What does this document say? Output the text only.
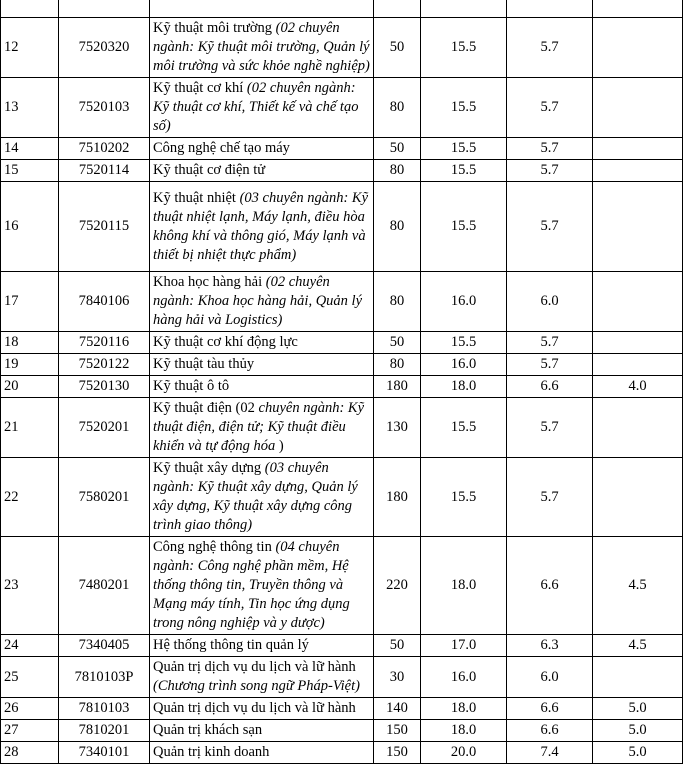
12	7520320	Kỹ thuật môi trường (02 chuyên ngành: Kỹ thuật môi trường, Quản lý môi trường và sức khỏe nghề nghiệp)	50	15.5	5.7	
13	7520103	Kỹ thuật cơ khí (02 chuyên ngành: Kỹ thuật cơ khí, Thiết kế và chế tạo số)	80	15.5	5.7	
14	7510202	Công nghệ chế tạo máy	50	15.5	5.7	
15	7520114	Kỹ thuật cơ điện tử	80	15.5	5.7	
16	7520115	Kỹ thuật nhiệt (03 chuyên ngành: Kỹ thuật nhiệt lạnh, Máy lạnh, điều hòa không khí và thông gió, Máy lạnh và thiết bị nhiệt thực phẩm)	80	15.5	5.7	
17	7840106	Khoa học hàng hải (02 chuyên ngành: Khoa học hàng hải, Quản lý hàng hải và Logistics)	80	16.0	6.0	
18	7520116	Kỹ thuật cơ khí động lực	50	15.5	5.7	
19	7520122	Kỹ thuật tàu thủy	80	16.0	5.7	
20	7520130	Kỹ thuật ô tô	180	18.0	6.6	4.0
21	7520201	Kỹ thuật điện (02 chuyên ngành: Kỹ thuật điện, điện tử; Kỹ thuật điều khiển và tự động hóa )	130	15.5	5.7	
22	7580201	Kỹ thuật xây dựng (03 chuyên ngành: Kỹ thuật xây dựng, Quản lý xây dựng, Kỹ thuật xây dựng công trình giao thông)	180	15.5	5.7	
23	7480201	Công nghệ thông tin (04 chuyên ngành: Công nghệ phần mềm, Hệ thống thông tin, Truyền thông và Mạng máy tính, Tin học ứng dụng trong nông nghiệp và y dược)	220	18.0	6.6	4.5
24	7340405	Hệ thống thông tin quản lý	50	17.0	6.3	4.5
25	7810103P	Quản trị dịch vụ du lịch và lữ hành (Chương trình song ngữ Pháp-Việt)	30	16.0	6.0	
26	7810103	Quản trị dịch vụ du lịch và lữ hành	140	18.0	6.6	5.0
27	7810201	Quản trị khách sạn	150	18.0	6.6	5.0
28	7340101	Quản trị kinh doanh	150	20.0	7.4	5.0
